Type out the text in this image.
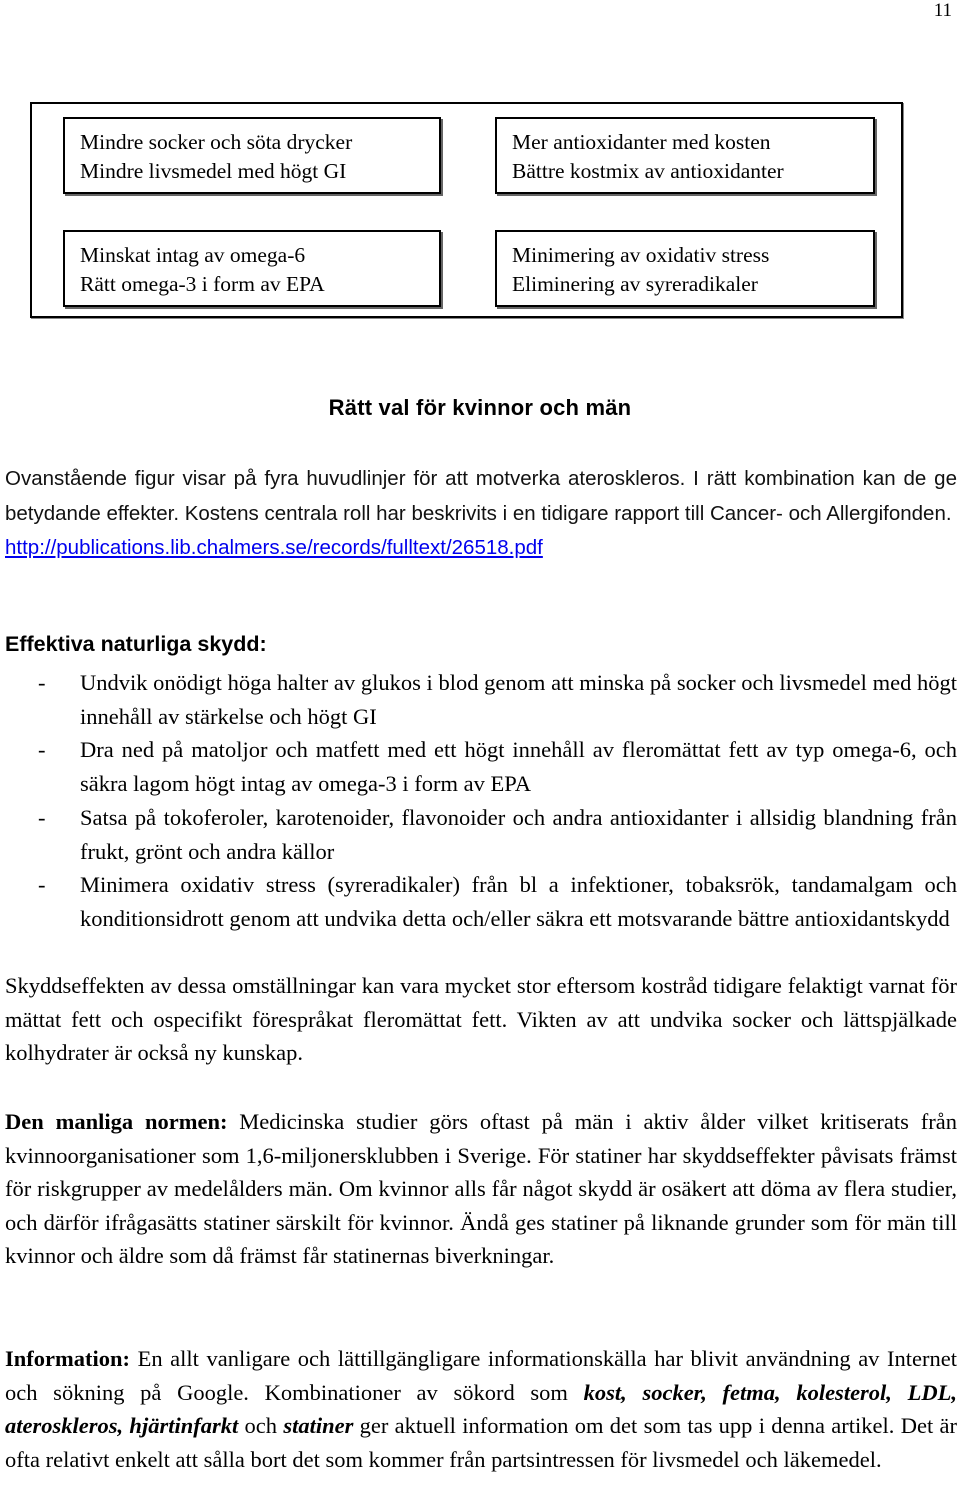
11
Mindre socker och söta drycker
Mindre livsmedel med högt GI
Mer antioxidanter med kosten
Bättre kostmix av antioxidanter
Minskat intag av omega-6
Rätt omega-3 i form av EPA
Minimering av oxidativ stress
Eliminering av syreradikaler
Rätt val för kvinnor och män
Ovanstående figur visar på fyra huvudlinjer för att motverka ateroskleros. I rätt kombination kan de ge betydande effekter. Kostens centrala roll har beskrivits i en tidigare rapport till Cancer- och Allergifonden.
http://publications.lib.chalmers.se/records/fulltext/26518.pdf
Effektiva naturliga skydd:
- Undvik onödigt höga halter av glukos i blod genom att minska på socker och livsmedel med högt innehåll av stärkelse och högt GI
- Dra ned på matoljor och matfett med ett högt innehåll av fleromättat fett av typ omega-6, och säkra lagom högt intag av omega-3 i form av EPA
- Satsa på tokoferoler, karotenoider, flavonoider och andra antioxidanter i allsidig blandning från frukt, grönt och andra källor
- Minimera oxidativ stress (syreradikaler) från bl a infektioner, tobaksrök, tandamalgam och konditionsidrott genom att undvika detta och/eller säkra ett motsvarande bättre antioxidantskydd
Skyddseffekten av dessa omställningar kan vara mycket stor eftersom kostråd tidigare felaktigt varnat för mättat fett och ospecifikt förespråkat fleromättat fett. Vikten av att undvika socker och lättspjälkade kolhydrater är också ny kunskap.
Den manliga normen: Medicinska studier görs oftast på män i aktiv ålder vilket kritiserats från kvinnoorganisationer som 1,6-miljonersklubben i Sverige. För statiner har skyddseffekter påvisats främst för riskgrupper av medelålders män. Om kvinnor alls får något skydd är osäkert att döma av flera studier, och därför ifrågasätts statiner särskilt för kvinnor. Ändå ges statiner på liknande grunder som för män till kvinnor och äldre som då främst får statinernas biverkningar.
Information: En allt vanligare och lättillgängligare informationskälla har blivit användning av Internet och sökning på Google. Kombinationer av sökord som kost, socker, fetma, kolesterol, LDL, ateroskleros, hjärtinfarkt och statiner ger aktuell information om det som tas upp i denna artikel. Det är ofta relativt enkelt att sålla bort det som kommer från partsintressen för livsmedel och läkemedel.
